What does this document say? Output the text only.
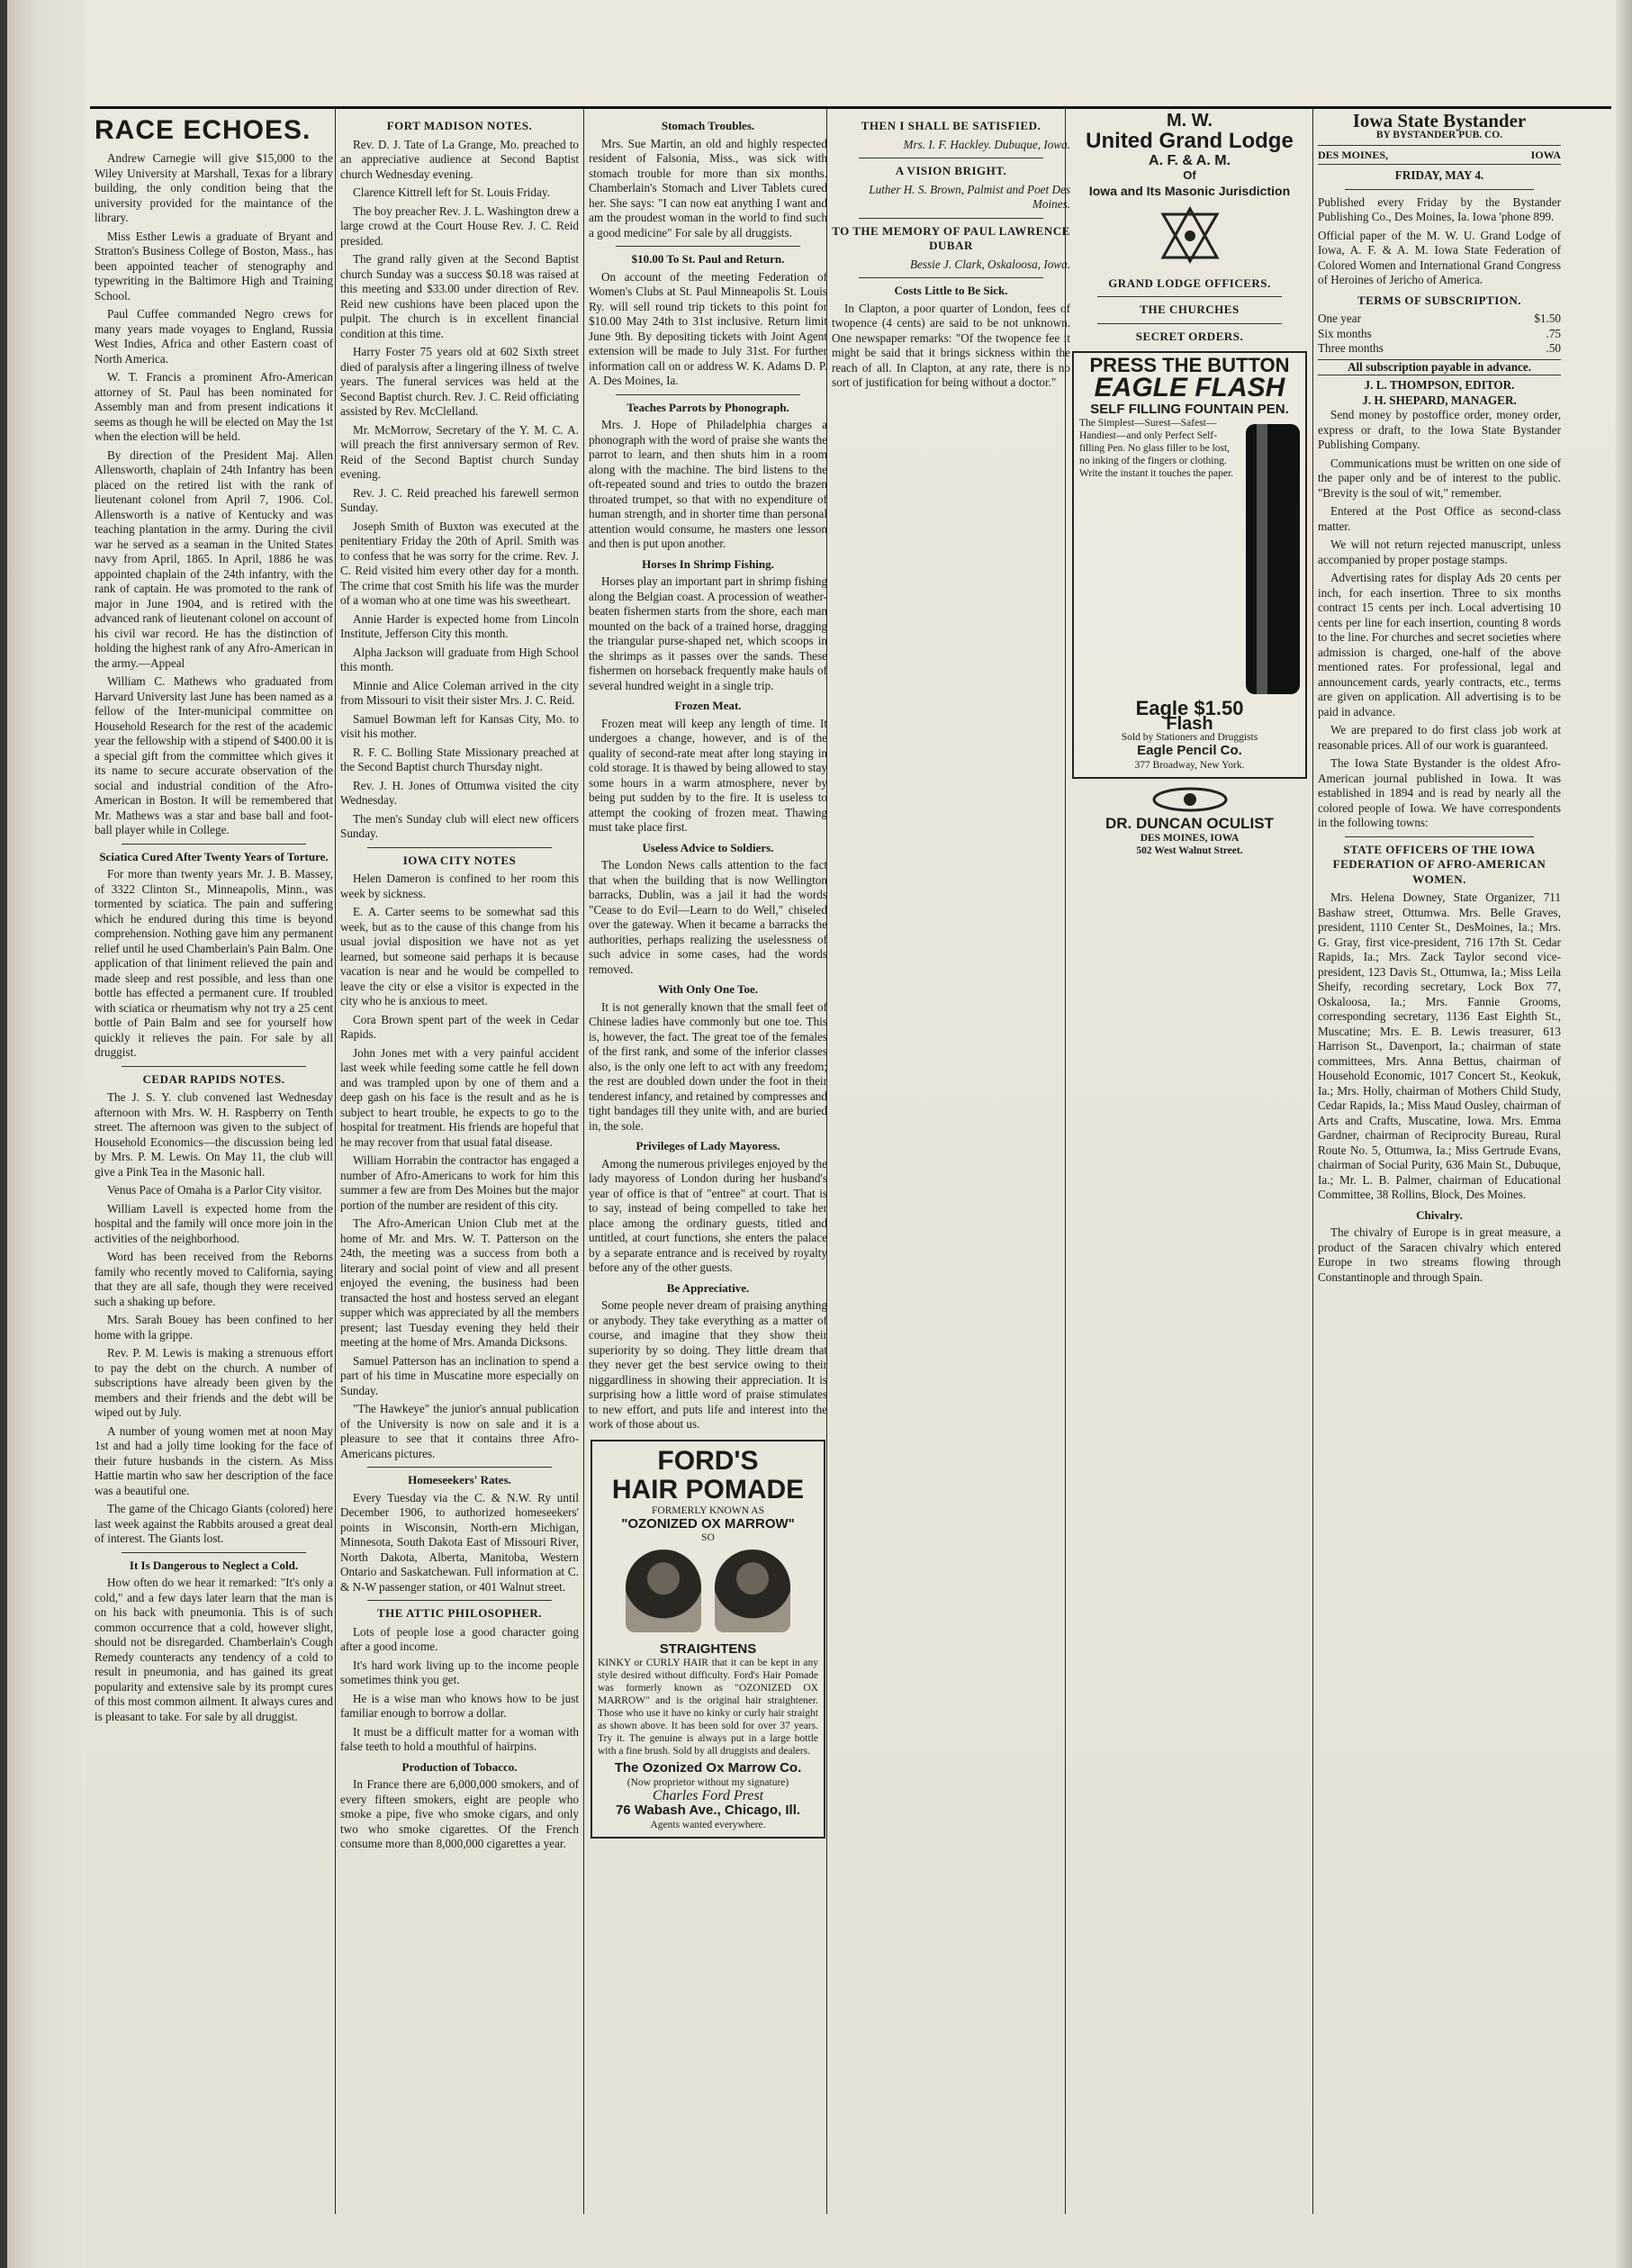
RACE ECHOES.

Andrew Carnegie will give $15,000 to the Wiley University at Marshall, Texas for a library building, the only condition being that the university provided for the maintance of the library.

Miss Esther Lewis a graduate of Bryant and Stratton's Business College of Boston, Mass., has been appointed teacher of stenography and typewriting in the Baltimore High and Training School.

Paul Cuffee commanded Negro crews for many years made voyages to England, Russia West Indies, Africa and other Eastern coast of North America.

W. T. Francis a prominent Afro-American attorney of St. Paul has been nominated for Assembly man and from present indications it seems as though he will be elected on May the 1st when the election will be held.

By direction of the President Maj. Allen Allensworth, chaplain of 24th Infantry has been placed on the retired list with the rank of lieutenant colonel from April 7, 1906. Col. Allensworth is a native of Kentucky and was teaching plantation in the army. During the civil war he served as a seaman in the United States navy from April, 1865. In April, 1886 he was appointed chaplain of the 24th infantry, with the rank of captain. He was promoted to the rank of major in June 1904, and is retired with the advanced rank of lieutenant colonel on account of his civil war record. He has the distinction of holding the highest rank of any Afro-American in the army.—Appeal

William C. Mathews who graduated from Harvard University last June has been named as a fellow of the Inter-municipal committee on Household Research for the rest of the academic year the fellowship with a stipend of $400.00 it is a special gift from the committee which gives it its name to secure accurate observation of the social and industrial condition of the Afro-American in Boston. It will be remembered that Mr. Mathews was a star and base ball and foot-ball player while in College.

Sciatica Cured After Twenty Years of Torture.

For more than twenty years Mr. J. B. Massey, of 3322 Clinton St., Minneapolis, Minn., was tormented by sciatica. The pain and suffering which he endured during this time is beyond comprehension. Nothing gave him any permanent relief until he used Chamberlain's Pain Balm. One application of that liniment relieved the pain and made sleep and rest possible, and less than one bottle has effected a permanent cure. If troubled with sciatica or rheumatism why not try a 25 cent bottle of Pain Balm and see for yourself how quickly it relieves the pain. For sale by all druggist.

CEDAR RAPIDS NOTES.

The J. S. Y. club convened last Wednesday afternoon with Mrs. W. H. Raspberry on Tenth street. The afternoon was given to the subject of Household Economics—the discussion being led by Mrs. P. M. Lewis. On May 11, the club will give a Pink Tea in the Masonic hall.

Venus Pace of Omaha is a Parlor City visitor.

William Lavell is expected home from the hospital and the family will once more join in the activities of the neighborhood.

Word has been received from the Reborns family who recently moved to California, saying that they are all safe, though they were received such a shaking up before.

Mrs. Sarah Bouey has been confined to her home with la grippe.

Rev. P. M. Lewis is making a strenuous effort to pay the debt on the church. A number of subscriptions have already been given by the members and their friends and the debt will be wiped out by July.

A number of young women met at noon May 1st and had a jolly time looking for the face of their future husbands in the cistern. As Miss Hattie martin who saw her description of the face was a beautiful one.

The game of the Chicago Giants (colored) here last week against the Rabbits aroused a great deal of interest. The Giants lost.

It Is Dangerous to Neglect a Cold.

How often do we hear it remarked: "It's only a cold," and a few days later learn that the man is on his back with pneumonia. This is of such common occurrence that a cold, however slight, should not be disregarded. Chamberlain's Cough Remedy counteracts any tendency of a cold to result in pneumonia, and has gained its great popularity and extensive sale by its prompt cures of this most common ailment. It always cures and is pleasant to take. For sale by all druggist.

FORT MADISON NOTES.

Rev. D. J. Tate of La Grange, Mo. preached to an appreciative audience at Second Baptist church Wednesday evening.

Clarence Kittrell left for St. Louis Friday.

The boy preacher Rev. J. L. Washington drew a large crowd at the Court House Rev. J. C. Reid presided.

The grand rally given at the Second Baptist church Sunday was a success $0.18 was raised at this meeting and $33.00 under direction of Rev. Reid new cushions have been placed upon the pulpit. The church is in excellent financial condition at this time.

Harry Foster 75 years old at 602 Sixth street died of paralysis after a lingering illness of twelve years. The funeral services was held at the Second Baptist church. Rev. J. C. Reid officiating assisted by Rev. McClelland.

Mr. McMorrow, Secretary of the Y. M. C. A. will preach the first anniversary sermon of Rev. Reid of the Second Baptist church Sunday evening.

Rev. J. C. Reid preached his farewell sermon Sunday.

Joseph Smith of Buxton was executed at the penitentiary Friday the 20th of April. Smith was to confess that he was sorry for the crime. Rev. J. C. Reid visited him every other day for a month. The crime that cost Smith his life was the murder of a woman who at one time was his sweetheart.

Annie Harder is expected home from Lincoln Institute, Jefferson City this month.

Alpha Jackson will graduate from High School this month.

Minnie and Alice Coleman arrived in the city from Missouri to visit their sister Mrs. J. C. Reid.

Samuel Bowman left for Kansas City, Mo. to visit his mother.

R. F. C. Bolling State Missionary preached at the Second Baptist church Thursday night.

Rev. J. H. Jones of Ottumwa visited the city Wednesday.

The men's Sunday club will elect new officers Sunday.

IOWA CITY NOTES

Helen Dameron is confined to her room this week by sickness.

E. A. Carter seems to be somewhat sad this week, but as to the cause of this change from his usual jovial disposition we have not as yet learned, but someone said perhaps it is because vacation is near and he would be compelled to leave the city or else a visitor is expected in the city who he is anxious to meet.

Cora Brown spent part of the week in Cedar Rapids.

John Jones met with a very painful accident last week while feeding some cattle he fell down and was trampled upon by one of them and a deep gash on his face is the result and as he is subject to heart trouble, he expects to go to the hospital for treatment. His friends are hopeful that he may recover from that usual fatal disease.

William Horrabin the contractor has engaged a number of Afro-Americans to work for him this summer a few are from Des Moines but the major portion of the number are resident of this city.

The Afro-American Union Club met at the home of Mr. and Mrs. W. T. Patterson on the 24th, the meeting was a success from both a literary and social point of view and all present enjoyed the evening, the business had been transacted the host and hostess served an elegant supper which was appreciated by all the members present; last Tuesday evening they held their meeting at the home of Mrs. Amanda Dicksons.

Samuel Patterson has an inclination to spend a part of his time in Muscatine more especially on Sunday.

"The Hawkeye" the junior's annual publication of the University is now on sale and it is a pleasure to see that it contains three Afro-Americans pictures.

Homeseekers' Rates.

Every Tuesday via the C. & N.W. Ry until December 1906, to authorized homeseekers' points in Wisconsin, North-ern Michigan, Minnesota, South Dakota East of Missouri River, North Dakota, Alberta, Manitoba, Western Ontario and Saskatchewan. Full information at C. & N-W passenger station, or 401 Walnut street.

THE ATTIC PHILOSOPHER.

Lots of people lose a good character going after a good income.

It's hard work living up to the income people sometimes think you get.

He is a wise man who knows how to be just familiar enough to borrow a dollar.

It must be a difficult matter for a woman with false teeth to hold a mouthful of hairpins.

Production of Tobacco.

In France there are 6,000,000 smokers, and of every fifteen smokers, eight are people who smoke a pipe, five who smoke cigars, and only two who smoke cigarettes. Of the French consume more than 8,000,000 cigarettes a year.

Stomach Troubles.

Mrs. Sue Martin, an old and highly respected resident of Falsonia, Miss., was sick with stomach trouble for more than six months. Chamberlain's Stomach and Liver Tablets cured her. She says: "I can now eat anything I want and am the proudest woman in the world to find such a good medicine" For sale by all druggists.

$10.00 To St. Paul and Return.

On account of the meeting Federation of Women's Clubs at St. Paul Minneapolis St. Louis Ry. will sell round trip tickets to this point for $10.00 May 24th to 31st inclusive. Return limit June 9th. By depositing tickets with Joint Agent extension will be made to July 31st. For further information call on or address W. K. Adams D. P. A. Des Moines, Ia.

Teaches Parrots by Phonograph.

Mrs. J. Hope of Philadelphia charges a phonograph with the word of praise she wants the parrot to learn, and then shuts him in a room along with the machine. The bird listens to the oft-repeated sound and tries to outdo the brazen throated trumpet, so that with no expenditure of human strength, and in shorter time than personal attention would consume, he masters one lesson and then is put upon another.

Horses In Shrimp Fishing.

Horses play an important part in shrimp fishing along the Belgian coast. A procession of weather-beaten fishermen starts from the shore, each man mounted on the back of a trained horse, dragging the triangular purse-shaped net, which scoops in the shrimps as it passes over the sands. These fishermen on horseback frequently make hauls of several hundred weight in a single trip.

Frozen Meat.

Frozen meat will keep any length of time. It undergoes a change, however, and is of the quality of second-rate meat after long staying in cold storage. It is thawed by being allowed to stay some hours in a warm atmosphere, never by being put sudden by to the fire. It is useless to attempt the cooking of frozen meat. Thawing must take place first.

Useless Advice to Soldiers.

The London News calls attention to the fact that when the building that is now Wellington barracks, Dublin, was a jail it had the words "Cease to do Evil—Learn to do Well," chiseled over the gateway. When it became a barracks the authorities, perhaps realizing the uselessness of such advice in some cases, had the words removed.

With Only One Toe.

It is not generally known that the small feet of Chinese ladies have commonly but one toe. This is, however, the fact. The great toe of the females of the first rank, and some of the inferior classes also, is the only one left to act with any freedom; the rest are doubled down under the foot in their tenderest infancy, and retained by compresses and tight bandages till they unite with, and are buried in, the sole.

Privileges of Lady Mayoress.

Among the numerous privileges enjoyed by the lady mayoress of London during her husband's year of office is that of "entree" at court. That is to say, instead of being compelled to take her place among the ordinary guests, titled and untitled, at court functions, she enters the palace by a separate entrance and is received by royalty before any of the other guests.

Be Appreciative.

Some people never dream of praising anything or anybody. They take everything as a matter of course, and imagine that they show their superiority by so doing. They little dream that they never get the best service owing to their niggardliness in showing their appreciation. It is surprising how a little word of praise stimulates to new effort, and puts life and interest into the work of those about us.

FORD'S
HAIR POMADE
FORMERLY KNOWN AS
"OZONIZED OX MARROW"
SO

STRAIGHTENS
KINKY or CURLY HAIR that it can be kept in any style desired without difficulty. Ford's Hair Pomade was formerly known as "OZONIZED OX MARROW" and is the original hair straightener. Those who use it have no kinky or curly hair straight as shown above. It has been sold for over 37 years. Try it. The genuine is always put in a large bottle with a fine brush. Sold by all druggists and dealers.
The Ozonized Ox Marrow Co.
(Now proprietor without my signature)
Charles Ford Prest
76 Wabash Ave., Chicago, Ill.
Agents wanted everywhere.
THEN I SHALL BE SATISFIED.
Mrs. I. F. Hackley. Dubuque, Iowa.
A VISION BRIGHT.
Luther H. S. Brown, Palmist and Poet Des Moines.
TO THE MEMORY OF PAUL LAWRENCE DUBAR
Bessie J. Clark, Oskaloosa, Iowa.
Costs Little to Be Sick.

In Clapton, a poor quarter of London, fees of twopence (4 cents) are said to be not unknown. One newspaper remarks: "Of the twopence fee it might be said that it brings sickness within the reach of all. In Clapton, at any rate, there is no sort of justification for being without a doctor."

M. W.
United Grand Lodge
A. F. & A. M.
Of
Iowa and Its Masonic Jurisdiction
GRAND LODGE OFFICERS.
THE CHURCHES
SECRET ORDERS.
PRESS THE BUTTON
EAGLE FLASH
SELF FILLING FOUNTAIN PEN.
The Simplest—Surest—Safest—Handiest—and only Perfect Self-filling Pen. No glass filler to be lost, no inking of the fingers or clothing. Write the instant it touches the paper.
Eagle $1.50
Flash
Sold by Stationers and Druggists
Eagle Pencil Co.
377 Broadway, New York.
DR. DUNCAN OCULIST
DES MOINES, IOWA
502 West Walnut Street.
Iowa State Bystander
BY BYSTANDER PUB. CO.
DES MOINES,	IOWA
FRIDAY, MAY 4.

Published every Friday by the Bystander Publishing Co., Des Moines, Ia. Iowa 'phone 899.

Official paper of the M. W. U. Grand Lodge of Iowa, A. F. & A. M. Iowa State Federation of Colored Women and International Grand Congress of Heroines of Jericho of America.

TERMS OF SUBSCRIPTION.
One year	$1.50
Six months	.75
Three months	.50
All subscription payable in advance.
J. L. THOMPSON, EDITOR.
J. H. SHEPARD, MANAGER.

Send money by postoffice order, money order, express or draft, to the Iowa State Bystander Publishing Company.

Communications must be written on one side of the paper only and be of interest to the public. "Brevity is the soul of wit," remember.

Entered at the Post Office as second-class matter.

We will not return rejected manuscript, unless accompanied by proper postage stamps.

Advertising rates for display Ads 20 cents per inch, for each insertion. Three to six months contract 15 cents per inch. Local advertising 10 cents per line for each insertion, counting 8 words to the line. For churches and secret societies where admission is charged, one-half of the above mentioned rates. For professional, legal and announcement cards, yearly contracts, etc., terms are given on application. All advertising is to be paid in advance.

We are prepared to do first class job work at reasonable prices. All of our work is guaranteed.

The Iowa State Bystander is the oldest Afro-American journal published in Iowa. It was established in 1894 and is read by nearly all the colored people of Iowa. We have correspondents in the following towns:

STATE OFFICERS OF THE IOWA FEDERATION OF AFRO-AMERICAN WOMEN.

Mrs. Helena Downey, State Organizer, 711 Bashaw street, Ottumwa. Mrs. Belle Graves, president, 1110 Center St., DesMoines, Ia.; Mrs. G. Gray, first vice-president, 716 17th St. Cedar Rapids, Ia.; Mrs. Zack Taylor second vice-president, 123 Davis St., Ottumwa, Ia.; Miss Leila Sheify, recording secretary, Lock Box 77, Oskaloosa, Ia.; Mrs. Fannie Grooms, corresponding secretary, 1136 East Eighth St., Muscatine; Mrs. E. B. Lewis treasurer, 613 Harrison St., Davenport, Ia.; chairman of state committees, Mrs. Anna Bettus, chairman of Household Economic, 1017 Concert St., Keokuk, Ia.; Mrs. Holly, chairman of Mothers Child Study, Cedar Rapids, Ia.; Miss Maud Ousley, chairman of Arts and Crafts, Muscatine, Iowa. Mrs. Emma Gardner, chairman of Reciprocity Bureau, Rural Route No. 5, Ottumwa, Ia.; Miss Gertrude Evans, chairman of Social Purity, 636 Main St., Dubuque, Ia.; Mr. L. B. Palmer, chairman of Educational Committee, 38 Rollins, Block, Des Moines.

Chivalry.

The chivalry of Europe is in great measure, a product of the Saracen chivalry which entered Europe in two streams flowing through Constantinople and through Spain.
